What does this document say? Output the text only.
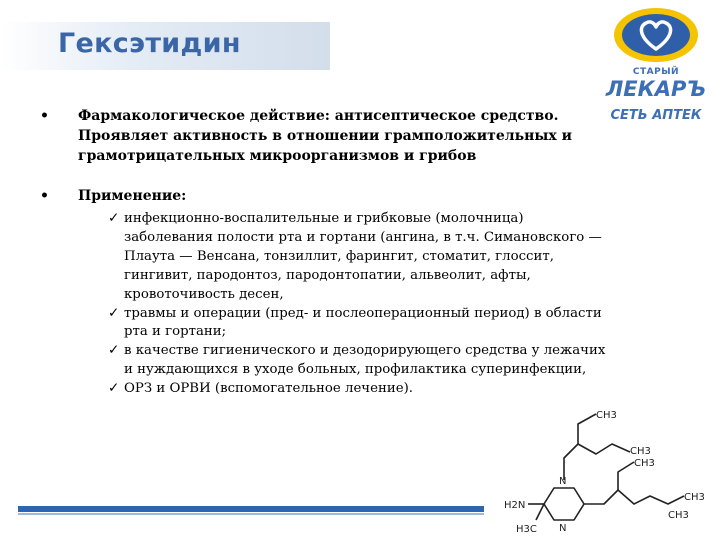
Гексэтидин
СТАРЫЙ
ЛЕКАРЪ
СЕТЬ АПТЕК
• Фармакологическое действие: антисептическое средство. Проявляет активность в отношении грамположительных и грамотрицательных микроорганизмов и грибов
• Применение:
✓ инфекционно-воспалительные и грибковые (молочница) заболевания полости рта и гортани (ангина, в т.ч. Симановского — Плаута — Венсана, тонзиллит, фарингит, стоматит, глоссит, гингивит, пародонтоз, пародонтопатии, альвеолит, афты, кровоточивость десен,
✓ травмы и операции (пред- и послеоперационный период) в области рта и гортани;
✓ в качестве гигиенического и дезодорирующего средства у лежачих и нуждающихся в уходе больных, профилактика суперинфекции,
✓ ОРЗ и ОРВИ (вспомогательное лечение).
CH3
CH3
CH3
CH3
CH3
N
N
H2N
H3C
